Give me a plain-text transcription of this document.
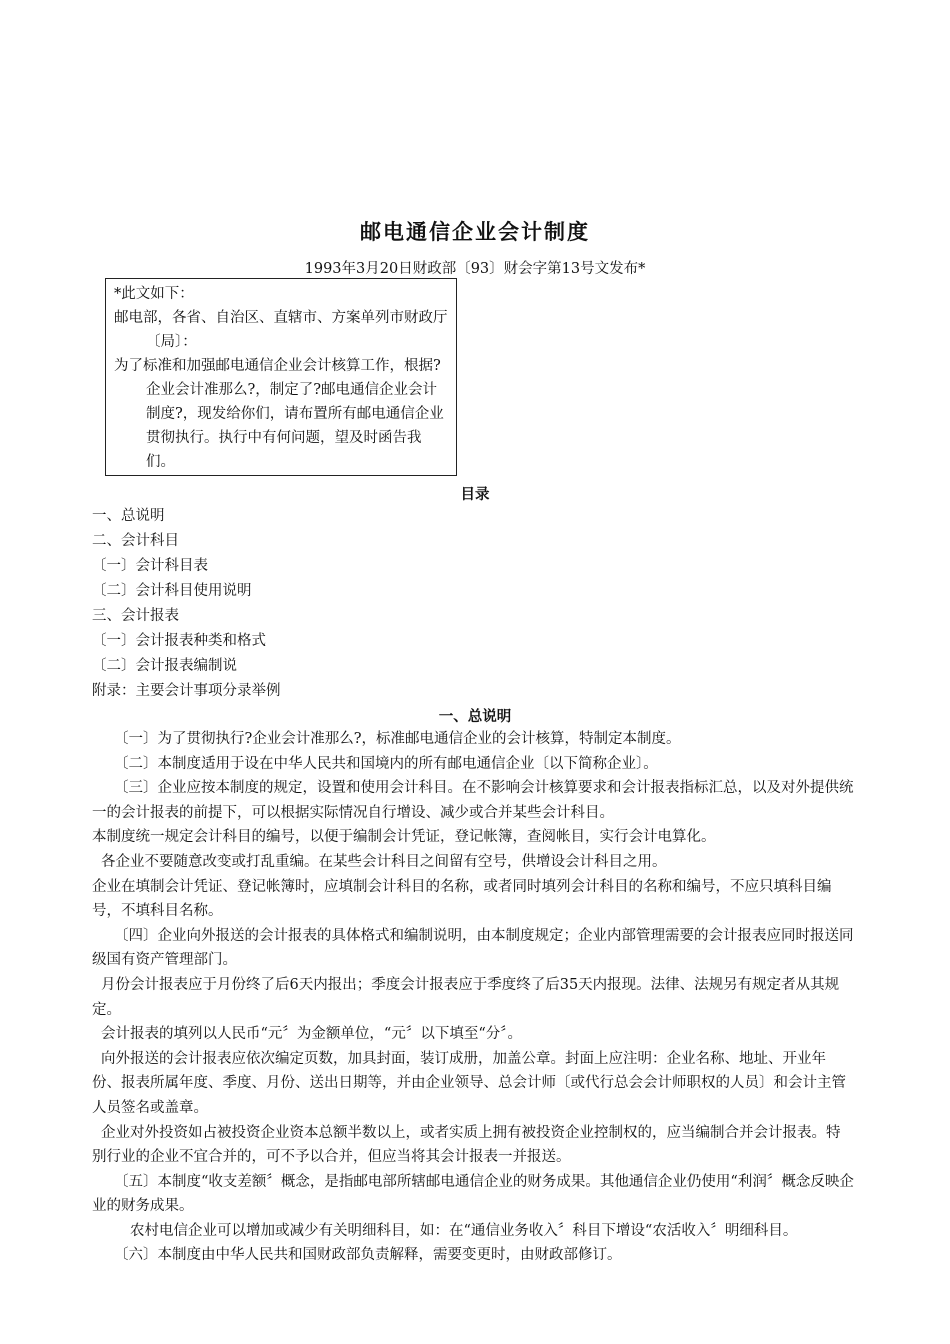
邮电通信企业会计制度
1993年3月20日财政部〔93〕财会字第13号文发布*
*此文如下：
邮电部，各省、自治区、直辖市、方案单列市财政厅〔局〕：
为了标准和加强邮电通信企业会计核算工作，根据?企业会计准那么?，制定了?邮电通信企业会计制度?，现发给你们，请布置所有邮电通信企业贯彻执行。执行中有何问题，望及时函告我们。
目录
一、总说明
二、会计科目
〔一〕会计科目表
〔二〕会计科目使用说明
三、会计报表
〔一〕会计报表种类和格式
〔二〕会计报表编制说
附录：主要会计事项分录举例
一、总说明

〔一〕为了贯彻执行?企业会计准那么?，标准邮电通信企业的会计核算，特制定本制度。

〔二〕本制度适用于设在中华人民共和国境内的所有邮电通信企业〔以下简称企业〕。

〔三〕企业应按本制度的规定，设置和使用会计科目。在不影响会计核算要求和会计报表指标汇总，以及对外提供统一的会计报表的前提下，可以根据实际情况自行增设、减少或合并某些会计科目。

本制度统一规定会计科目的编号，以便于编制会计凭证，登记帐簿，查阅帐目，实行会计电算化。

各企业不要随意改变或打乱重编。在某些会计科目之间留有空号，供增设会计科目之用。

企业在填制会计凭证、登记帐簿时，应填制会计科目的名称，或者同时填列会计科目的名称和编号，不应只填科目编号，不填科目名称。

〔四〕企业向外报送的会计报表的具体格式和编制说明，由本制度规定；企业内部管理需要的会计报表应同时报送同级国有资产管理部门。

月份会计报表应于月份终了后6天内报出；季度会计报表应于季度终了后35天内报现。法律、法规另有规定者从其规定。

会计报表的填列以人民币“元〞为金额单位，“元〞以下填至“分〞。

向外报送的会计报表应依次编定页数，加具封面，装订成册，加盖公章。封面上应注明：企业名称、地址、开业年份、报表所属年度、季度、月份、送出日期等，并由企业领导、总会计师〔或代行总会会计师职权的人员〕和会计主管人员签名或盖章。

企业对外投资如占被投资企业资本总额半数以上，或者实质上拥有被投资企业控制权的，应当编制合并会计报表。特别行业的企业不宜合并的，可不予以合并，但应当将其会计报表一并报送。

〔五〕本制度“收支差额〞概念，是指邮电部所辖邮电通信企业的财务成果。其他通信企业仍使用“利润〞概念反映企业的财务成果。

农村电信企业可以增加或减少有关明细科目，如：在“通信业务收入〞科目下增设“农活收入〞明细科目。

〔六〕本制度由中华人民共和国财政部负责解释，需要变更时，由财政部修订。
